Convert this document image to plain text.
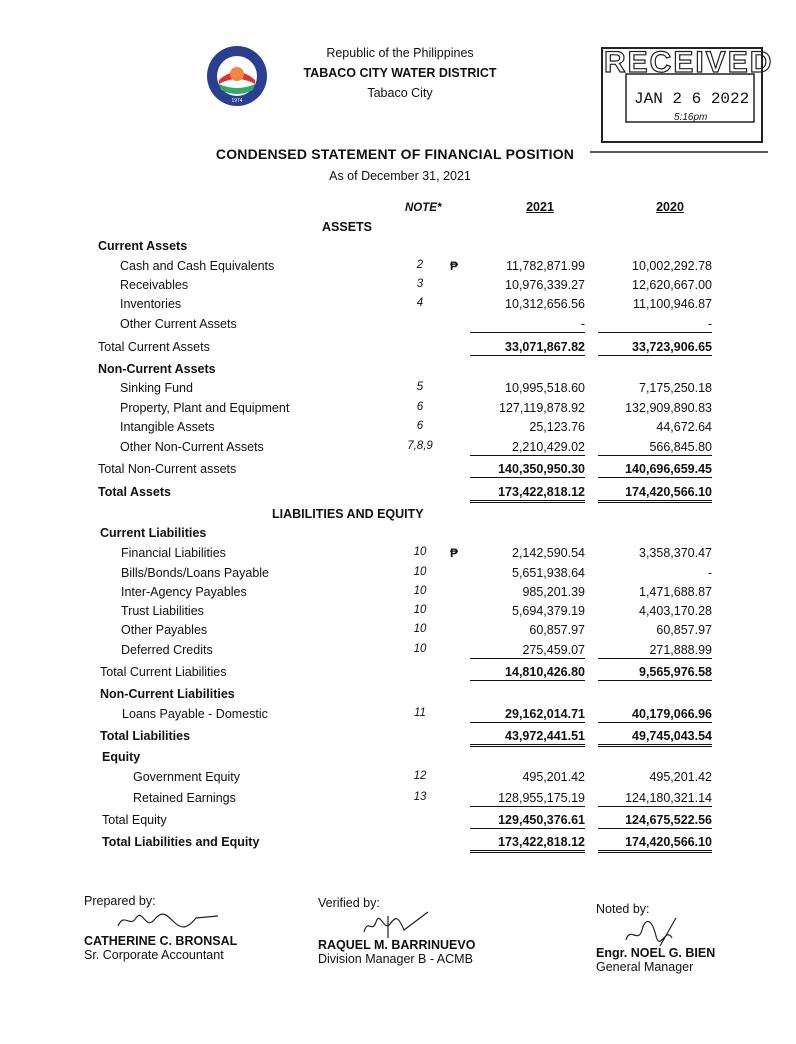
1974
Republic of the Philippines
TABACO CITY WATER DISTRICT
Tabaco City
RECEIVED
JAN 2 6 2022
5:16pm
CONDENSED STATEMENT OF FINANCIAL POSITION
As of December 31, 2021
NOTE*	2021	2020
ASSETS
Current Assets
Cash and Cash Equivalents	2	₱	11,782,871.99	10,002,292.78
Receivables	3	10,976,339.27	12,620,667.00
Inventories	4	10,312,656.56	11,100,946.87
Other Current Assets	-	-
Total Current Assets	33,071,867.82	33,723,906.65
Non-Current Assets
Sinking Fund	5	10,995,518.60	7,175,250.18
Property, Plant and Equipment	6	127,119,878.92	132,909,890.83
Intangible Assets	6	25,123.76	44,672.64
Other Non-Current Assets	7,8,9	2,210,429.02	566,845.80
Total Non-Current assets	140,350,950.30	140,696,659.45
Total Assets	173,422,818.12	174,420,566.10
LIABILITIES AND EQUITY
Current Liabilities
Financial Liabilities	10	₱	2,142,590.54	3,358,370.47
Bills/Bonds/Loans Payable	10	5,651,938.64	-
Inter-Agency Payables	10	985,201.39	1,471,688.87
Trust Liabilities	10	5,694,379.19	4,403,170.28
Other Payables	10	60,857.97	60,857.97
Deferred Credits	10	275,459.07	271,888.99
Total Current Liabilities	14,810,426.80	9,565,976.58
Non-Current Liabilities
Loans Payable - Domestic	11	29,162,014.71	40,179,066.96
Total Liabilities	43,972,441.51	49,745,043.54
Equity
Government Equity	12	495,201.42	495,201.42
Retained Earnings	13	128,955,175.19	124,180,321.14
Total Equity	129,450,376.61	124,675,522.56
Total Liabilities and Equity	173,422,818.12	174,420,566.10
Prepared by:
CATHERINE C. BRONSAL
Sr. Corporate Accountant
Verified by:
RAQUEL M. BARRINUEVO
Division Manager B - ACMB
Noted by:
Engr. NOEL G. BIEN
General Manager
